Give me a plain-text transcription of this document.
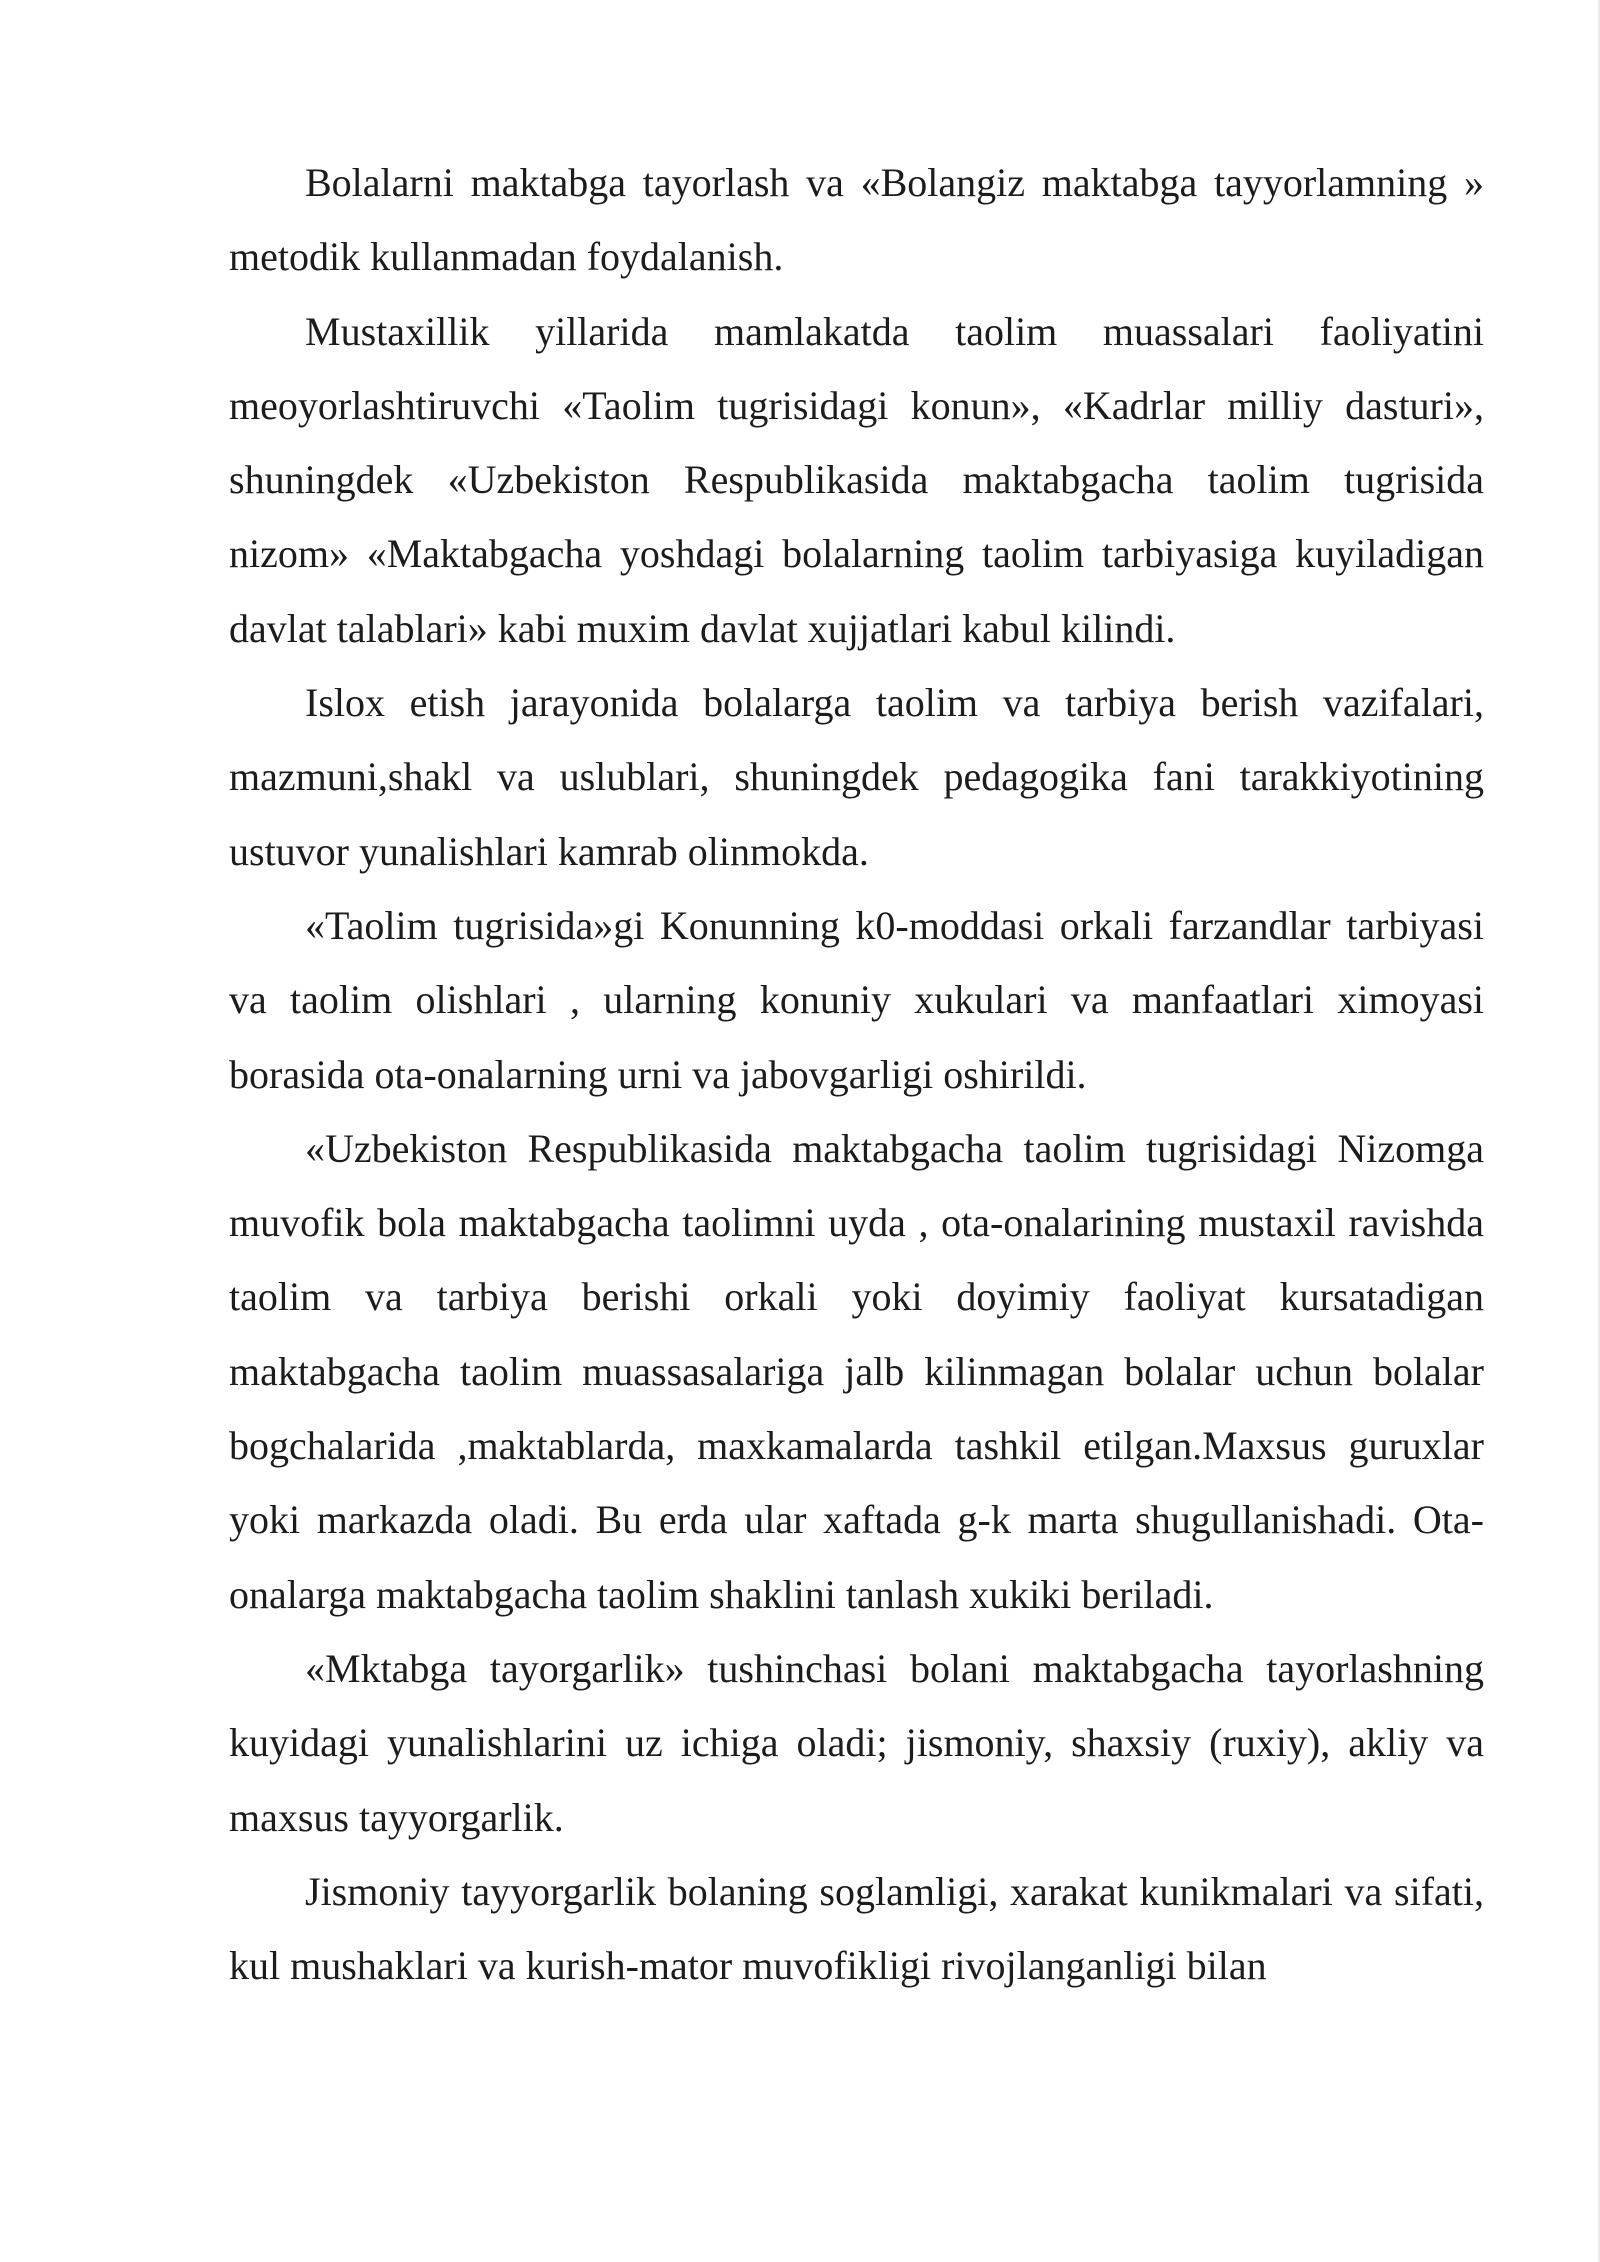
Bolalarni maktabga tayorlash va «Bolangiz maktabga tayyorlamning » metodik kullanmadan foydalanish.

Mustaxillik yillarida mamlakatda taolim muassalari faoliyatini meoyorlashtiruvchi «Taolim tugrisidagi konun», «Kadrlar milliy dasturi», shuningdek «Uzbekiston Respublikasida maktabgacha taolim tugrisida nizom» «Maktabgacha yoshdagi bolalarning taolim tarbiyasiga kuyiladigan davlat talablari» kabi muxim davlat xujjatlari kabul kilindi.

Islox etish jarayonida bolalarga taolim va tarbiya berish vazifalari, mazmuni,shakl va uslublari, shuningdek pedagogika fani tarakkiyotining ustuvor yunalishlari kamrab olinmokda.

«Taolim tugrisida»gi Konunning k0-moddasi orkali farzandlar tarbiyasi va taolim olishlari , ularning konuniy xukulari va manfaatlari ximoyasi borasida ota-onalarning urni va jabovgarligi oshirildi.

«Uzbekiston Respublikasida maktabgacha taolim tugrisidagi Nizomga muvofik bola maktabgacha taolimni uyda , ota-onalarining mustaxil ravishda taolim va tarbiya berishi orkali yoki doyimiy faoliyat kursatadigan maktabgacha taolim muassasalariga jalb kilinmagan bolalar uchun bolalar bogchalarida ,maktablarda, maxkamalarda tashkil etilgan.Maxsus guruxlar yoki markazda oladi. Bu erda ular xaftada g-k marta shugullanishadi. Ota-onalarga maktabgacha taolim shaklini tanlash xukiki beriladi.

«Mktabga tayorgarlik» tushinchasi bolani maktabgacha tayorlashning kuyidagi yunalishlarini uz ichiga oladi; jismoniy, shaxsiy (ruxiy), akliy va maxsus tayyorgarlik.

Jismoniy tayyorgarlik bolaning soglamligi, xarakat kunikmalari va sifati, kul mushaklari va kurish-mator muvofikligi rivojlanganligi bilan
